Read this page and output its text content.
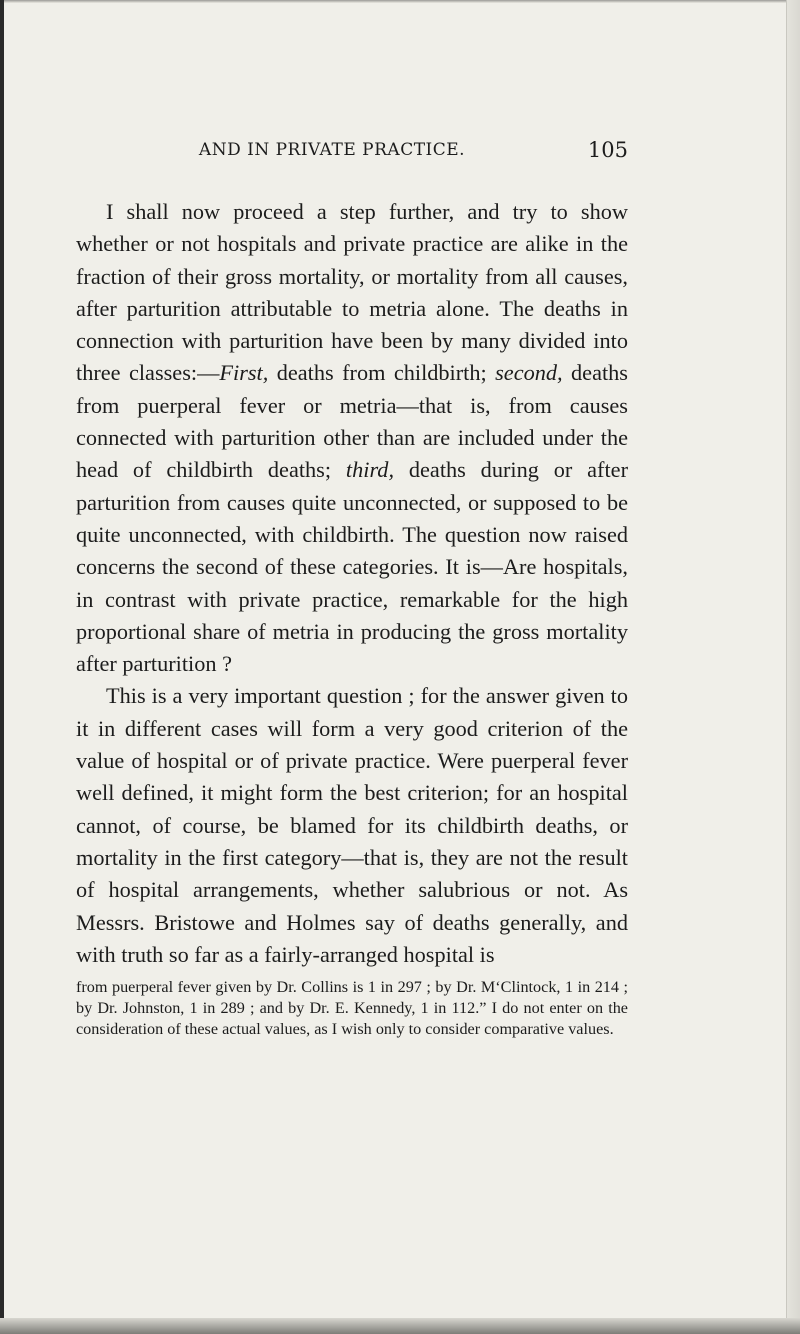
AND IN PRIVATE PRACTICE.	105

I shall now proceed a step further, and try to show whether or not hospitals and private practice are alike in the fraction of their gross mortality, or mortality from all causes, after parturition attributable to metria alone. The deaths in connection with parturition have been by many divided into three classes:—First, deaths from childbirth; second, deaths from puerperal fever or metria—that is, from causes connected with parturition other than are included under the head of childbirth deaths; third, deaths during or after parturition from causes quite unconnected, or supposed to be quite unconnected, with childbirth. The question now raised concerns the second of these categories. It is—Are hospitals, in contrast with private practice, remarkable for the high proportional share of metria in producing the gross mortality after parturition ?

This is a very important question ; for the answer given to it in different cases will form a very good criterion of the value of hospital or of private practice. Were puerperal fever well defined, it might form the best criterion; for an hospital cannot, of course, be blamed for its childbirth deaths, or mortality in the first category—that is, they are not the result of hospital arrangements, whether salubrious or not. As Messrs. Bristowe and Holmes say of deaths generally, and with truth so far as a fairly-arranged hospital is

from puerperal fever given by Dr. Collins is 1 in 297 ; by Dr. M‘Clintock, 1 in 214 ; by Dr. Johnston, 1 in 289 ; and by Dr. E. Kennedy, 1 in 112.” I do not enter on the consideration of these actual values, as I wish only to consider comparative values.
